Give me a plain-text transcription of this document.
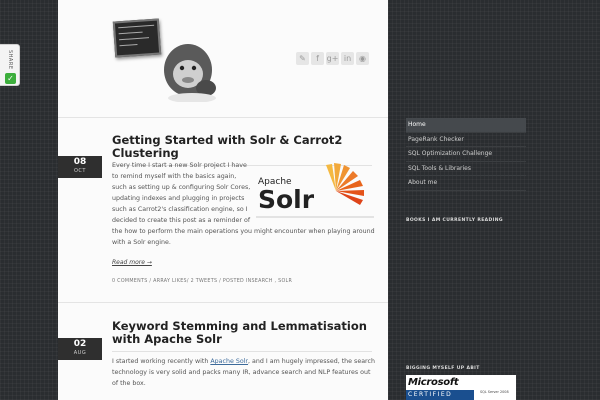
SHARE
✓
✎	f g+ in ◉
Getting Started with Solr & Carrot2 Clustering
08
OCT

Every time I start a new Solr project I have to remind myself with the basics again, such as setting up & configuring Solr Cores, updating indexes and plugging in projects such as Carrot2's classification engine, so I decided to create this post as a reminder of the how to perform the main operations you might encounter when playing around with a Solr engine.

Apache
Solr
Read more →
0 COMMENTS / ARRAY LIKES/ 2 TWEETS / POSTED INSEARCH , SOLR
Keyword Stemming and Lemmatisation with Apache Solr
02
AUG

I started working recently with Apache Solr, and I am hugely impressed, the search technology is very solid and packs many IR, advance search and NLP features out of the box.

Home
PageRank Checker
SQL Optimization Challenge
SQL Tools & Libraries
About me
BOOKS I AM CURRENTLY READING
BIGGING MYSELF UP ABIT
Microsoft
CERTIFIED	SQL Server 2008
